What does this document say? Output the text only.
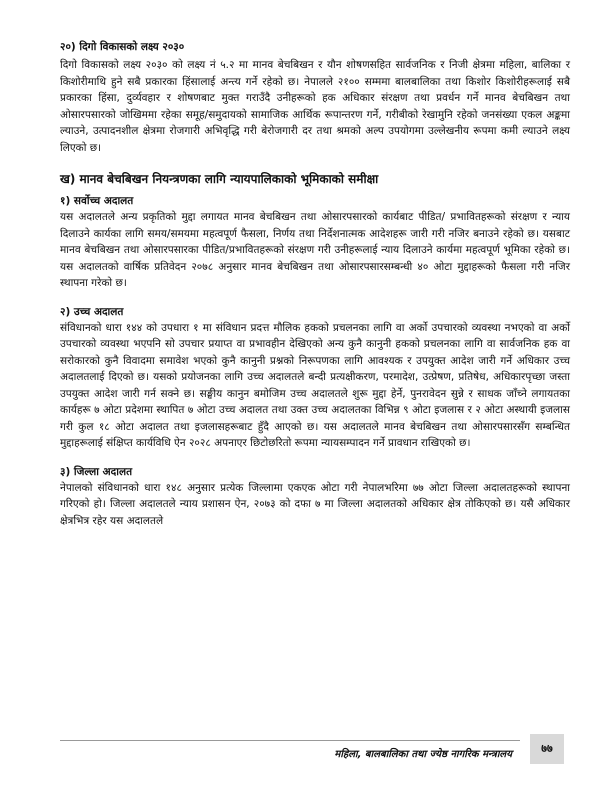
२०) दिगो विकासको लक्ष्य २०३०

दिगो विकासको लक्ष्य २०३० को लक्ष्य नं ५.२ मा मानव बेचबिखन र यौन शोषणसहित सार्वजनिक र निजी क्षेत्रमा महिला, बालिका र किशोरीमाथि हुने सबै प्रकारका हिंसालाई अन्त्य गर्ने रहेको छ। नेपालले २१०० सम्ममा बालबालिका तथा किशोर किशोरीहरूलाई सबै प्रकारका हिंसा, दुर्व्यवहार र शोषणबाट मुक्त गराउँदै उनीहरूको हक अधिकार संरक्षण तथा प्रवर्धन गर्ने मानव बेचबिखन तथा ओसारपसारको जोखिममा रहेका समूह/समुदायको सामाजिक आर्थिक रूपान्तरण गर्ने, गरीबीको रेखामुनि रहेको जनसंख्या एकल अङ्कमा ल्याउने, उत्पादनशील क्षेत्रमा रोजगारी अभिवृद्धि गरी बेरोजगारी दर तथा श्रमको अल्प उपयोगमा उल्लेखनीय रूपमा कमी ल्याउने लक्ष्य लिएको छ।

ख) मानव बेचबिखन नियन्त्रणका लागि न्यायपालिकाको भूमिकाको समीक्षा
१) सर्वोच्च अदालत

यस अदालतले अन्य प्रकृतिको मुद्दा लगायत मानव बेचबिखन तथा ओसारपसारको कार्यबाट पीडित/ प्रभावितहरूको संरक्षण र न्याय दिलाउने कार्यका लागि समय/समयमा महत्वपूर्ण फैसला, निर्णय तथा निर्देशनात्मक आदेशहरू जारी गरी नजिर बनाउने रहेको छ। यसबाट मानव बेचबिखन तथा ओसारपसारका पीडित/प्रभावितहरूको संरक्षण गरी उनीहरूलाई न्याय दिलाउने कार्यमा महत्वपूर्ण भूमिका रहेको छ। यस अदालतको वार्षिक प्रतिवेदन २०७८ अनुसार मानव बेचबिखन तथा ओसारपसारसम्बन्धी ४० ओटा मुद्दाहरूको फैसला गरी नजिर स्थापना गरेको छ।

२) उच्च अदालत

संविधानको धारा १४४ को उपधारा १ मा संविधान प्रदत्त मौलिक हकको प्रचलनका लागि वा अर्को उपचारको व्यवस्था नभएको वा अर्को उपचारको व्यवस्था भएपनि सो उपचार प्रयाप्त वा प्रभावहीन देखिएको अन्य कुनै कानुनी हकको प्रचलनका लागि वा सार्वजनिक हक वा सरोकारको कुनै विवादमा समावेश भएको कुनै कानुनी प्रश्नको निरूपणका लागि आवश्यक र उपयुक्त आदेश जारी गर्ने अधिकार उच्च अदालतलाई दिएको छ। यसको प्रयोजनका लागि उच्च अदालतले बन्दी प्रत्यक्षीकरण, परमादेश, उत्प्रेषण, प्रतिषेध, अधिकारपृच्छा जस्ता उपयुक्त आदेश जारी गर्न सक्ने छ। सङ्घीय कानुन बमोजिम उच्च अदालतले शुरू मुद्दा हेर्ने, पुनरावेदन सुन्ने र साधक जाँच्ने लगायतका कार्यहरू ७ ओटा प्रदेशमा स्थापित ७ ओटा उच्च अदालत तथा उक्त उच्च अदालतका विभिन्न ९ ओटा इजलास र २ ओटा अस्थायी इजलास गरी कुल १८ ओटा अदालत तथा इजलासहरूबाट हुँदै आएको छ। यस अदालतले मानव बेचबिखन तथा ओसारपसारसँग सम्बन्धित मुद्दाहरूलाई संक्षिप्त कार्यविधि ऐन २०२८ अपनाएर छिटोछरितो रूपमा न्यायसम्पादन गर्ने प्रावधान राखिएको छ।

३) जिल्ला अदालत

नेपालको संविधानको धारा १४८ अनुसार प्रत्येक जिल्लामा एकएक ओटा गरी नेपालभरिमा ७७ ओटा जिल्ला अदालतहरूको स्थापना गरिएको हो। जिल्ला अदालतले न्याय प्रशासन ऐन, २०७३ को दफा ७ मा जिल्ला अदालतको अधिकार क्षेत्र तोकिएको छ। यसै अधिकार क्षेत्रभित्र रहेर यस अदालतले

महिला, बालबालिका तथा ज्येष्ठ नागरिक मन्त्रालय	७७
